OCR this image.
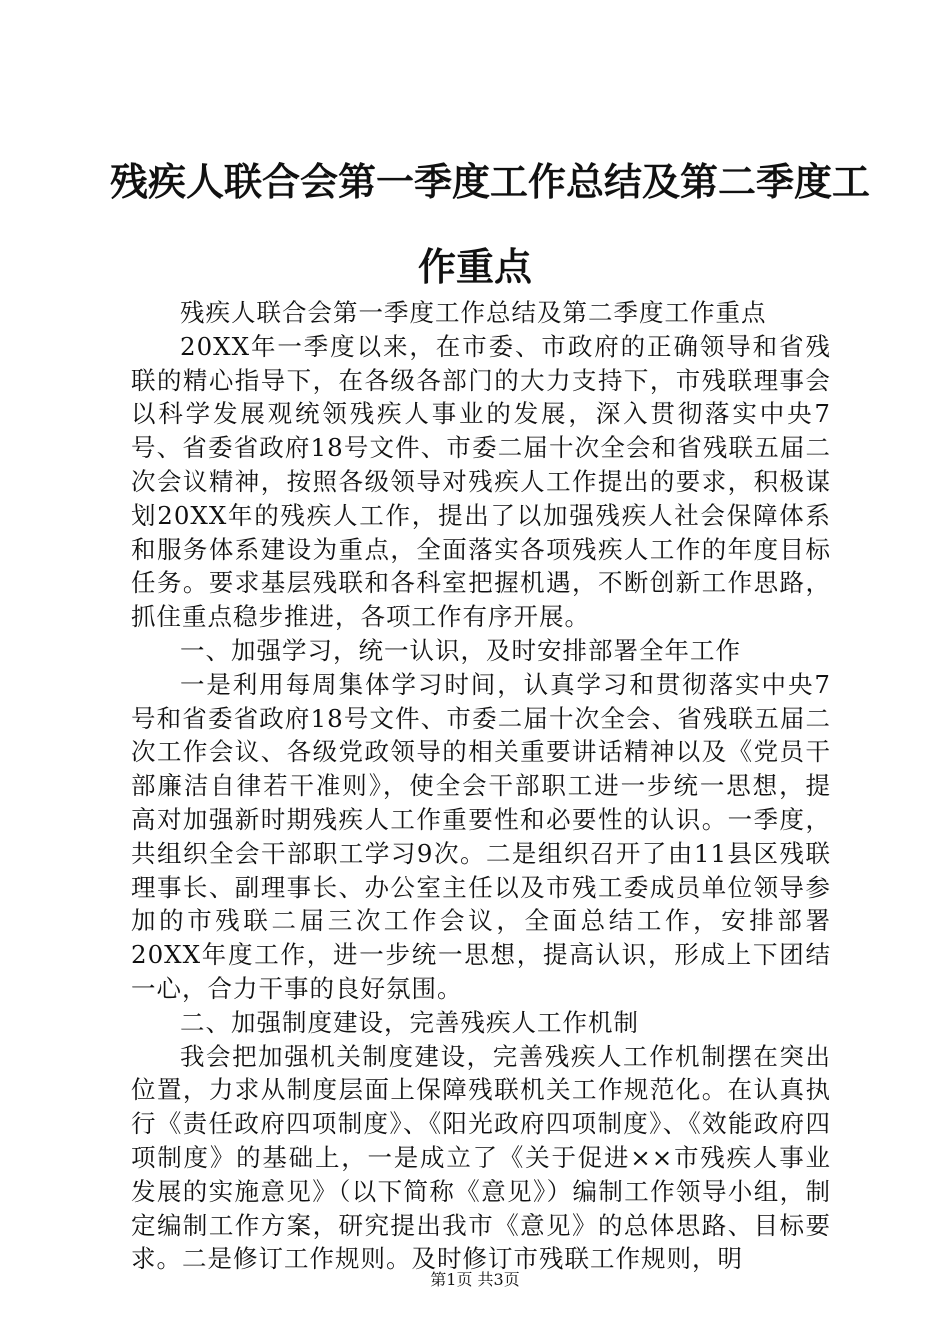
残疾人联合会第一季度工作总结及第二季度工
作重点

残疾人联合会第一季度工作总结及第二季度工作重点

20XX年一季度以来，在市委、市政府的正确领导和省残联的精心指导下，在各级各部门的大力支持下，市残联理事会以科学发展观统领残疾人事业的发展，深入贯彻落实中央7号、省委省政府18号文件、市委二届十次全会和省残联五届二次会议精神，按照各级领导对残疾人工作提出的要求，积极谋划20XX年的残疾人工作，提出了以加强残疾人社会保障体系和服务体系建设为重点，全面落实各项残疾人工作的年度目标任务。要求基层残联和各科室把握机遇，不断创新工作思路，抓住重点稳步推进，各项工作有序开展。

一、加强学习，统一认识，及时安排部署全年工作

一是利用每周集体学习时间，认真学习和贯彻落实中央7号和省委省政府18号文件、市委二届十次全会、省残联五届二次工作会议、各级党政领导的相关重要讲话精神以及《党员干部廉洁自律若干准则》，使全会干部职工进一步统一思想，提高对加强新时期残疾人工作重要性和必要性的认识。一季度，共组织全会干部职工学习9次。二是组织召开了由11县区残联理事长、副理事长、办公室主任以及市残工委成员单位领导参加的市残联二届三次工作会议，全面总结工作，安排部署20XX年度工作，进一步统一思想，提高认识，形成上下团结一心，合力干事的良好氛围。

二、加强制度建设，完善残疾人工作机制

我会把加强机关制度建设，完善残疾人工作机制摆在突出位置，力求从制度层面上保障残联机关工作规范化。在认真执行《责任政府四项制度》、《阳光政府四项制度》、《效能政府四项制度》的基础上，一是成立了《关于促进××市残疾人事业发展的实施意见》（以下简称《意见》）编制工作领导小组，制定编制工作方案，研究提出我市《意见》的总体思路、目标要求。二是修订工作规则。及时修订市残联工作规则，明

第1页 共3页
